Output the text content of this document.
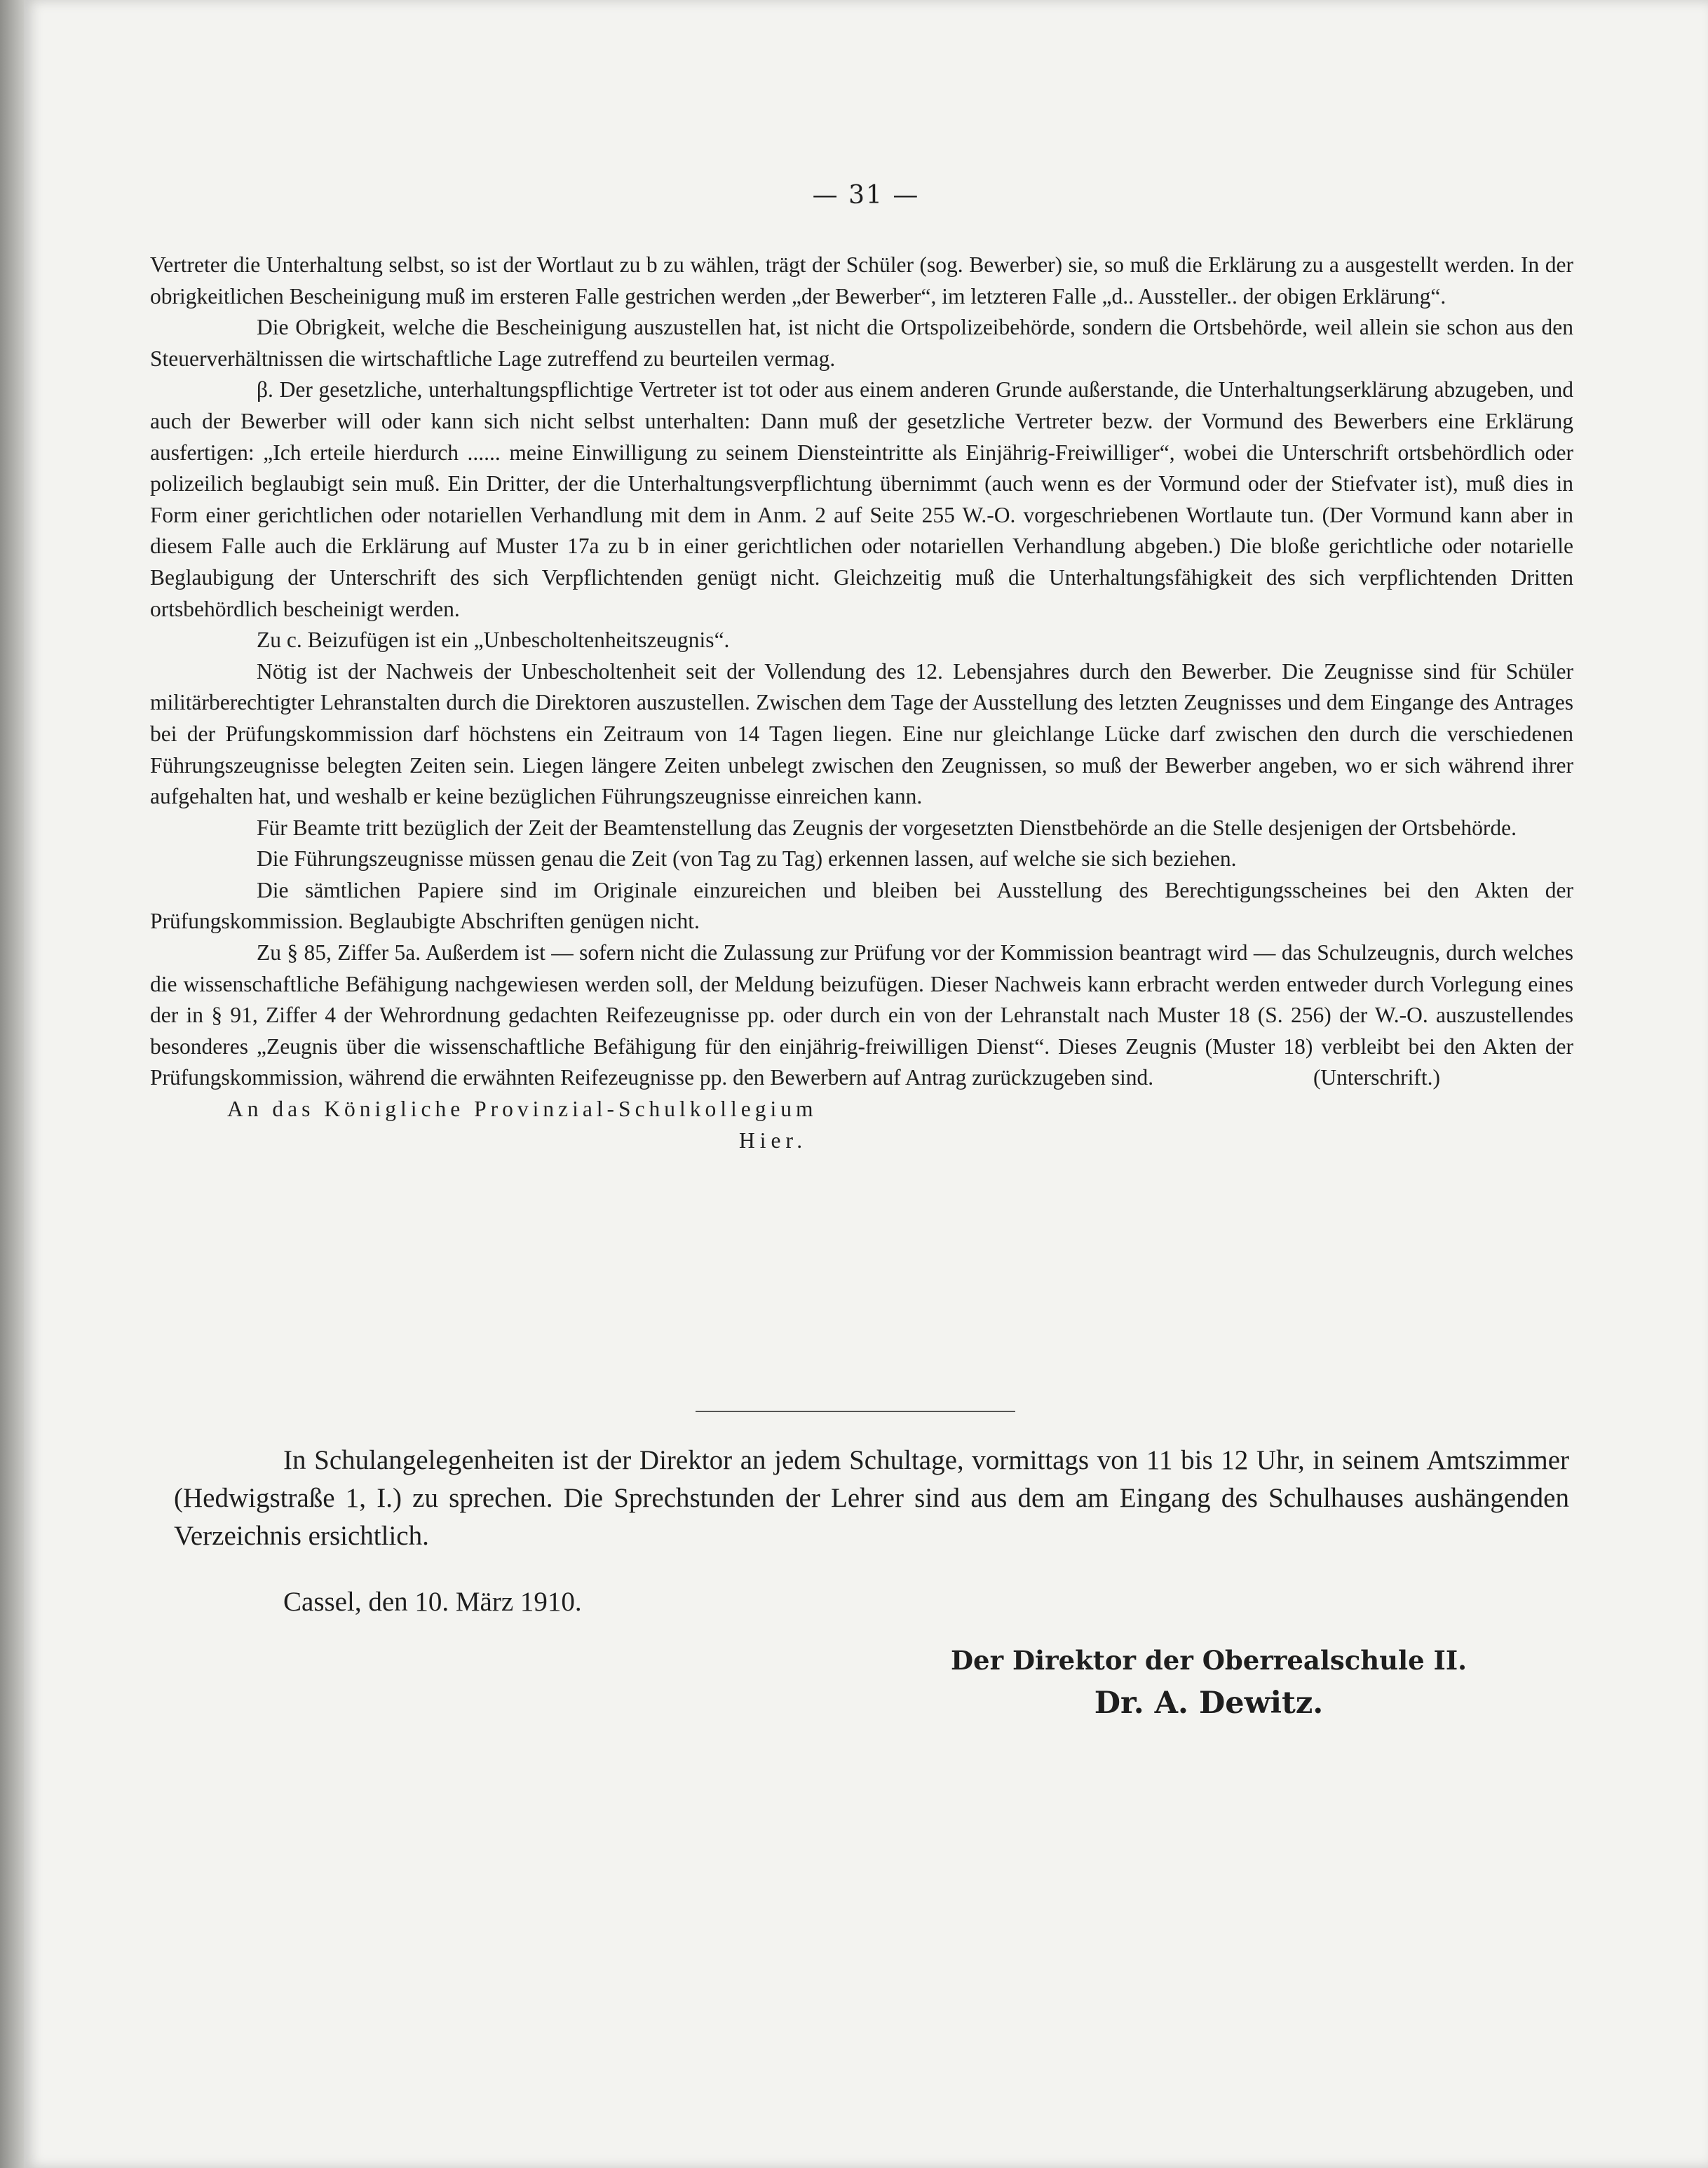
— 31 —

Vertreter die Unterhaltung selbst, so ist der Wortlaut zu b zu wählen, trägt der Schüler (sog. Bewerber) sie, so muß die Erklärung zu a ausgestellt werden. In der obrigkeitlichen Bescheinigung muß im ersteren Falle gestrichen werden „der Bewerber“, im letzteren Falle „d.. Aussteller.. der obigen Erklärung“.

Die Obrigkeit, welche die Bescheinigung auszustellen hat, ist nicht die Ortspolizeibehörde, sondern die Ortsbehörde, weil allein sie schon aus den Steuerverhältnissen die wirtschaftliche Lage zutreffend zu beurteilen vermag.

β. Der gesetzliche, unterhaltungspflichtige Vertreter ist tot oder aus einem anderen Grunde außerstande, die Unterhaltungserklärung abzugeben, und auch der Bewerber will oder kann sich nicht selbst unterhalten: Dann muß der gesetzliche Vertreter bezw. der Vormund des Bewerbers eine Erklärung ausfertigen: „Ich erteile hierdurch ...... meine Einwilligung zu seinem Diensteintritte als Einjährig-Freiwilliger“, wobei die Unterschrift ortsbehördlich oder polizeilich beglaubigt sein muß. Ein Dritter, der die Unterhaltungsverpflichtung übernimmt (auch wenn es der Vormund oder der Stiefvater ist), muß dies in Form einer gerichtlichen oder notariellen Verhandlung mit dem in Anm. 2 auf Seite 255 W.-O. vorgeschriebenen Wortlaute tun. (Der Vormund kann aber in diesem Falle auch die Erklärung auf Muster 17a zu b in einer gerichtlichen oder notariellen Verhandlung abgeben.) Die bloße gerichtliche oder notarielle Beglaubigung der Unterschrift des sich Verpflichtenden genügt nicht. Gleichzeitig muß die Unterhaltungsfähigkeit des sich verpflichtenden Dritten ortsbehördlich bescheinigt werden.

Zu c. Beizufügen ist ein „Unbescholtenheitszeugnis“.

Nötig ist der Nachweis der Unbescholtenheit seit der Vollendung des 12. Lebensjahres durch den Bewerber. Die Zeugnisse sind für Schüler militärberechtigter Lehranstalten durch die Direktoren auszustellen. Zwischen dem Tage der Ausstellung des letzten Zeugnisses und dem Eingange des Antrages bei der Prüfungskommission darf höchstens ein Zeitraum von 14 Tagen liegen. Eine nur gleichlange Lücke darf zwischen den durch die verschiedenen Führungszeugnisse belegten Zeiten sein. Liegen längere Zeiten unbelegt zwischen den Zeugnissen, so muß der Bewerber angeben, wo er sich während ihrer aufgehalten hat, und weshalb er keine bezüglichen Führungszeugnisse einreichen kann.

Für Beamte tritt bezüglich der Zeit der Beamtenstellung das Zeugnis der vorgesetzten Dienstbehörde an die Stelle desjenigen der Ortsbehörde.

Die Führungszeugnisse müssen genau die Zeit (von Tag zu Tag) erkennen lassen, auf welche sie sich beziehen.

Die sämtlichen Papiere sind im Originale einzureichen und bleiben bei Ausstellung des Berechtigungsscheines bei den Akten der Prüfungskommission. Beglaubigte Abschriften genügen nicht.

Zu § 85, Ziffer 5a. Außerdem ist — sofern nicht die Zulassung zur Prüfung vor der Kommission beantragt wird — das Schulzeugnis, durch welches die wissenschaftliche Befähigung nachgewiesen werden soll, der Meldung beizufügen. Dieser Nachweis kann erbracht werden entweder durch Vorlegung eines der in § 91, Ziffer 4 der Wehrordnung gedachten Reifezeugnisse pp. oder durch ein von der Lehranstalt nach Muster 18 (S. 256) der W.-O. auszustellendes besonderes „Zeugnis über die wissenschaftliche Befähigung für den einjährig-freiwilligen Dienst“. Dieses Zeugnis (Muster 18) verbleibt bei den Akten der Prüfungskommission, während die erwähnten Reifezeugnisse pp. den Bewerbern auf Antrag zurückzugeben sind.	(Unterschrift.)

An das Königliche Provinzial-Schulkollegium

Hier.

In Schulangelegenheiten ist der Direktor an jedem Schultage, vormittags von 11 bis 12 Uhr, in seinem Amtszimmer (Hedwigstraße 1, I.) zu sprechen. Die Sprechstunden der Lehrer sind aus dem am Eingang des Schulhauses aushängenden Verzeichnis ersichtlich.

Cassel, den 10. März 1910.
Der Direktor der Oberrealschule II.
Dr. A. Dewitz.
